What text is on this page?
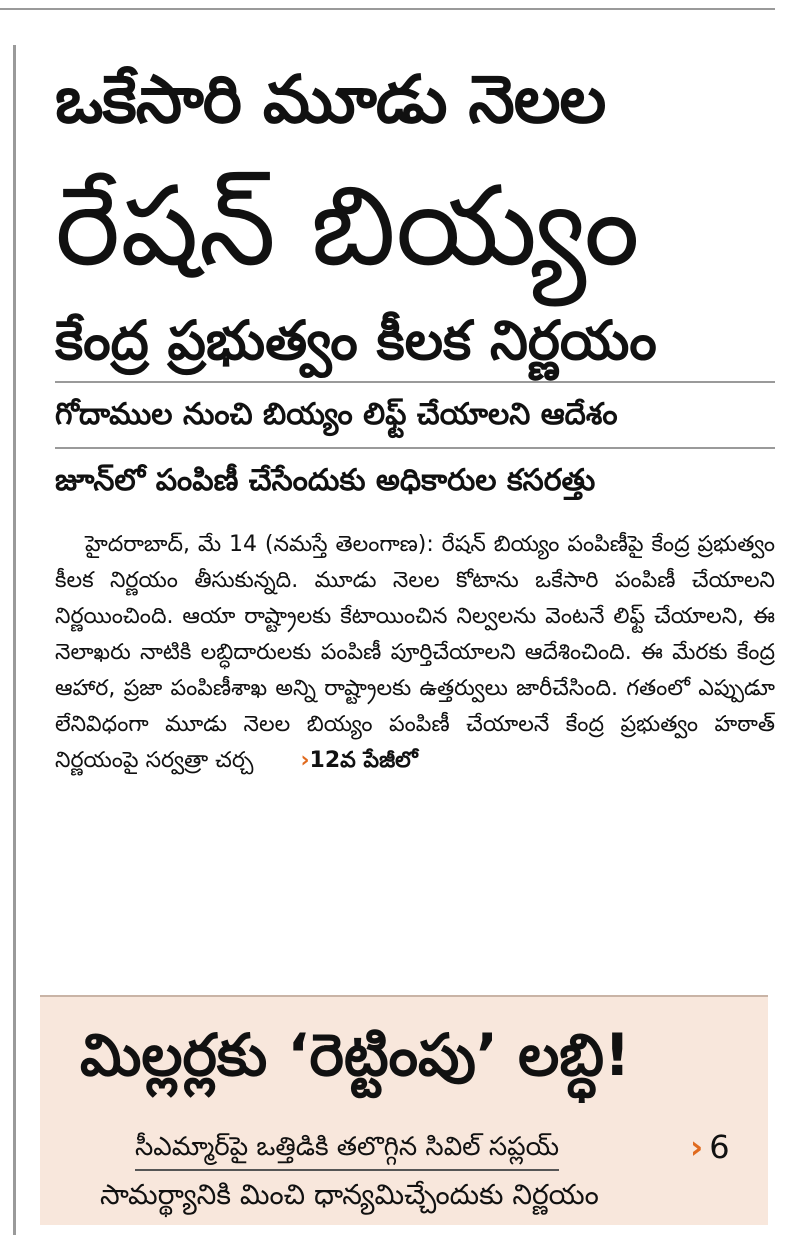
ఒకేసారి మూడు నెలల
రేషన్ బియ్యం
కేంద్ర ప్రభుత్వం కీలక నిర్ణయం
గోదాముల నుంచి బియ్యం లిఫ్ట్ చేయాలని ఆదేశం
జూన్‌లో పంపిణీ చేసేందుకు అధికారుల కసరత్తు
హైదరాబాద్, మే 14 (నమస్తే తెలంగాణ): రేషన్ బియ్యం పంపిణీపై కేంద్ర ప్రభుత్వం కీలక నిర్ణయం తీసుకున్నది. మూడు నెలల కోటాను ఒకేసారి పంపిణీ చేయాలని నిర్ణయించింది. ఆయా రాష్ట్రాలకు కేటాయించిన నిల్వలను వెంటనే లిఫ్ట్ చేయాలని, ఈ నెలాఖరు నాటికి లబ్ధిదారులకు పంపిణీ పూర్తిచేయాలని ఆదేశించింది. ఈ మేరకు కేంద్ర ఆహార, ప్రజా పంపిణీశాఖ అన్ని రాష్ట్రాలకు ఉత్తర్వులు జారీచేసింది. గతంలో ఎప్పుడూ లేనివిధంగా మూడు నెలల బియ్యం పంపిణీ చేయాలనే కేంద్ర ప్రభుత్వం హఠాత్ నిర్ణయంపై సర్వత్రా చర్చ ›12వ పేజీలో
మిల్లర్లకు ‘రెట్టింపు’ లబ్ధి!
సీఎమ్మార్‌పై ఒత్తిడికి తలొగ్గిన సివిల్ సప్లయ్	› 6
సామర్థ్యానికి మించి ధాన్యమిచ్చేందుకు నిర్ణయం
